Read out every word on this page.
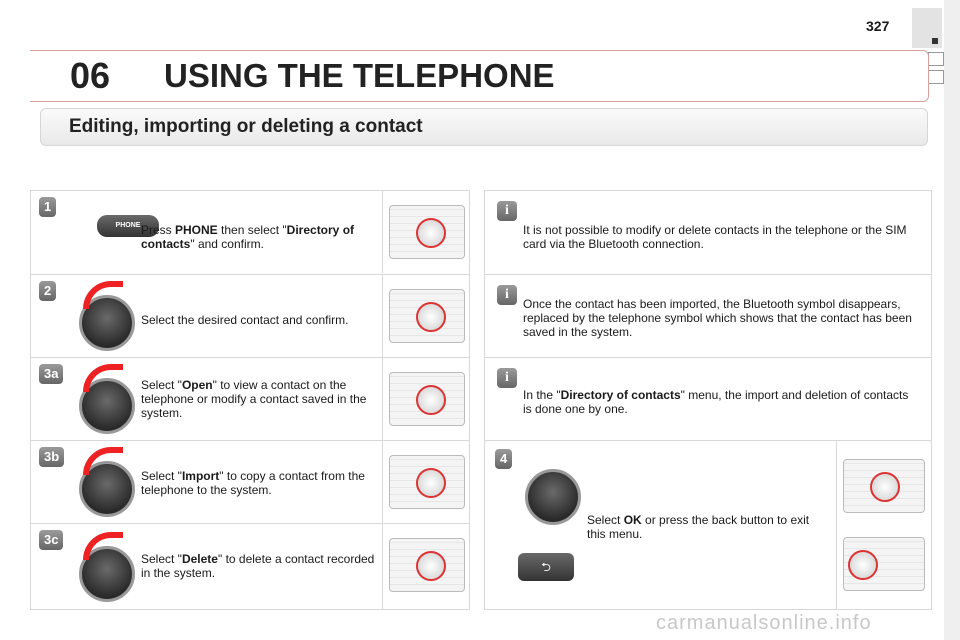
327
06 USING THE TELEPHONE
Editing, importing or deleting a contact
1
PHONE Press PHONE then select "Directory of contacts" and confirm.
2
Select the desired contact and confirm.
3a
Select "Open" to view a contact on the telephone or modify a contact saved in the system.
3b
Select "Import" to copy a contact from the telephone to the system.
3c
Select "Delete" to delete a contact recorded in the system.
i
It is not possible to modify or delete contacts in the telephone or the SIM card via the Bluetooth connection.
i
Once the contact has been imported, the Bluetooth symbol disappears, replaced by the telephone symbol which shows that the contact has been saved in the system.
i
In the "Directory of contacts" menu, the import and deletion of contacts is done one by one.
4
Select OK or press the back button to exit this menu.
⮌
carmanualsonline.info
